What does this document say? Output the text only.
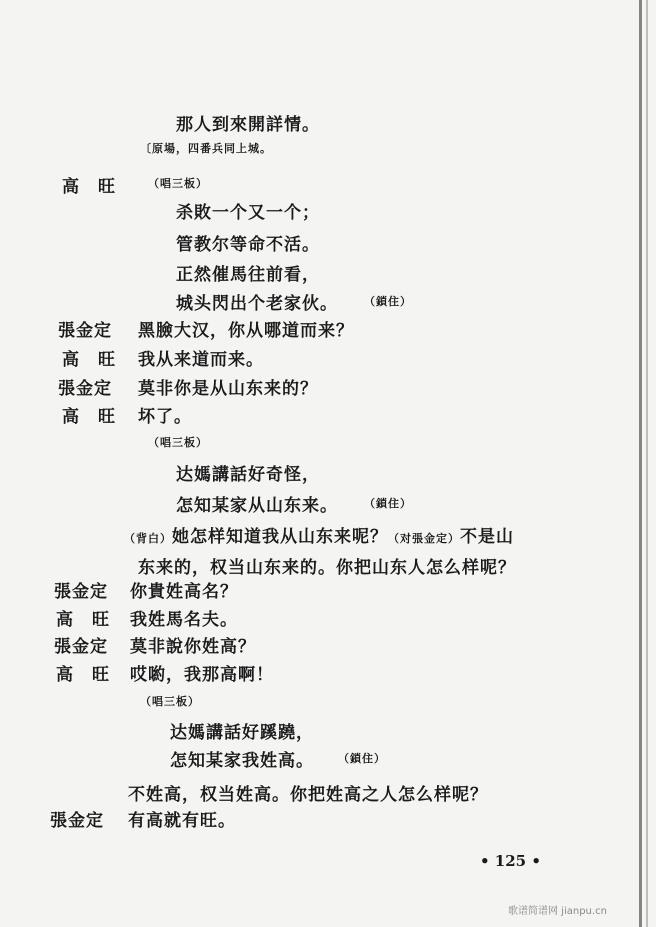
那人到來開詳情。
〔原場，四番兵同上城。
杀敗一个又一个；
管教尔等命不活。
正然催馬往前看，
城头閃出个老家伙。
黑臉大汉，你从哪道而来？
我从来道而来。
莫非你是从山东来的？
坏了。
（唱三板）
达媽講話好奇怪，
怎知某家从山东来。
东来的，权当山东来的。你把山东人怎么样呢？
你貴姓高名？
我姓馬名夫。
莫非說你姓高？
哎喲，我那高啊！
（唱三板）
达媽講話好蹊蹺，
怎知某家我姓高。
不姓高，权当姓高。你把姓高之人怎么样呢？
有高就有旺。
高　旺
張金定
高　旺
張金定
高　旺
張金定
高　旺
張金定
高　旺
張金定
（唱三板）
（鎖住）
（鎖住）
（鎖住）
（背白）她怎样知道我从山东来呢？（对張金定）不是山
• 125 •
歌谱简谱网 jianpu.cn
